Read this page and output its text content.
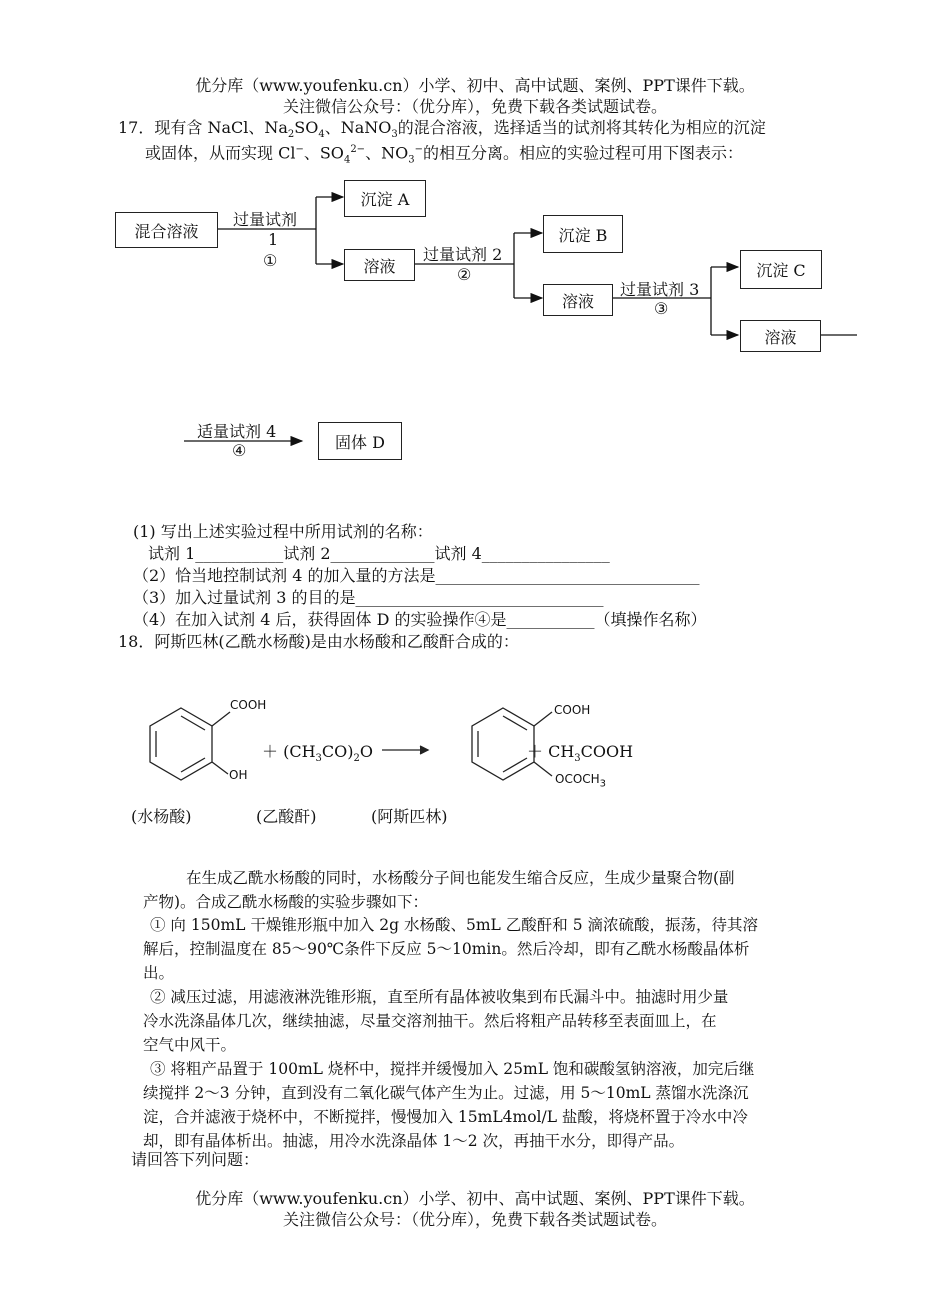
优分库（www.youfenku.cn）小学、初中、高中试题、案例、PPT课件下载。
关注微信公众号：（优分库），免费下载各类试题试卷。
17．现有含 NaCl、$Na_2SO_4$、NaNO$_3$的混合溶液，选择适当的试剂将其转化为相应的沉淀
或固体，从而实现 Cl−、$SO_4^{2-}$、$NO_3^-$的相互分离。相应的实验过程可用下图表示：
混合溶液
沉淀 A
溶液
沉淀 B
溶液
沉淀 C
溶液
固体 D
过量试剂
1
①	过量试剂 2
②
过量试剂 3
③
适量试剂 4
④
(1) 写出上述实验过程中所用试剂的名称：
试剂 1___________试剂 2_____________试剂 4________________
（2）恰当地控制试剂 4 的加入量的方法是_________________________________
（3）加入过量试剂 3 的目的是_______________________________
（4）在加入试剂 4 后，获得固体 D 的实验操作④是___________（填操作名称）
18．阿斯匹林(乙酰水杨酸)是由水杨酸和乙酸酐合成的：
COOH
OH
＋ $(CH_3CO)_2O$
COOH
$OCOCH_3$
＋ $CH_3COOH$
(水杨酸)	(乙酸酐)	(阿斯匹林)
在生成乙酰水杨酸的同时，水杨酸分子间也能发生缩合反应，生成少量聚合物(副
产物)。合成乙酰水杨酸的实验步骤如下：
① 向 150mL 干燥锥形瓶中加入 2g 水杨酸、5mL 乙酸酐和 5 滴浓硫酸，振荡，待其溶
解后，控制温度在 85～90℃条件下反应 5～10min。然后冷却，即有乙酰水杨酸晶体析
出。
② 减压过滤，用滤液淋洗锥形瓶，直至所有晶体被收集到布氏漏斗中。抽滤时用少量
冷水洗涤晶体几次，继续抽滤，尽量交溶剂抽干。然后将粗产品转移至表面皿上，在
空气中风干。
③ 将粗产品置于 100mL 烧杯中，搅拌并缓慢加入 25mL 饱和碳酸氢钠溶液，加完后继
续搅拌 2～3 分钟，直到没有二氧化碳气体产生为止。过滤，用 5～10mL 蒸馏水洗涤沉
淀，合并滤液于烧杯中，不断搅拌，慢慢加入 15mL4mol/L 盐酸，将烧杯置于冷水中冷
却，即有晶体析出。抽滤，用冷水洗涤晶体 1～2 次，再抽干水分，即得产品。
请回答下列问题：
优分库（www.youfenku.cn）小学、初中、高中试题、案例、PPT课件下载。
关注微信公众号：（优分库），免费下载各类试题试卷。
